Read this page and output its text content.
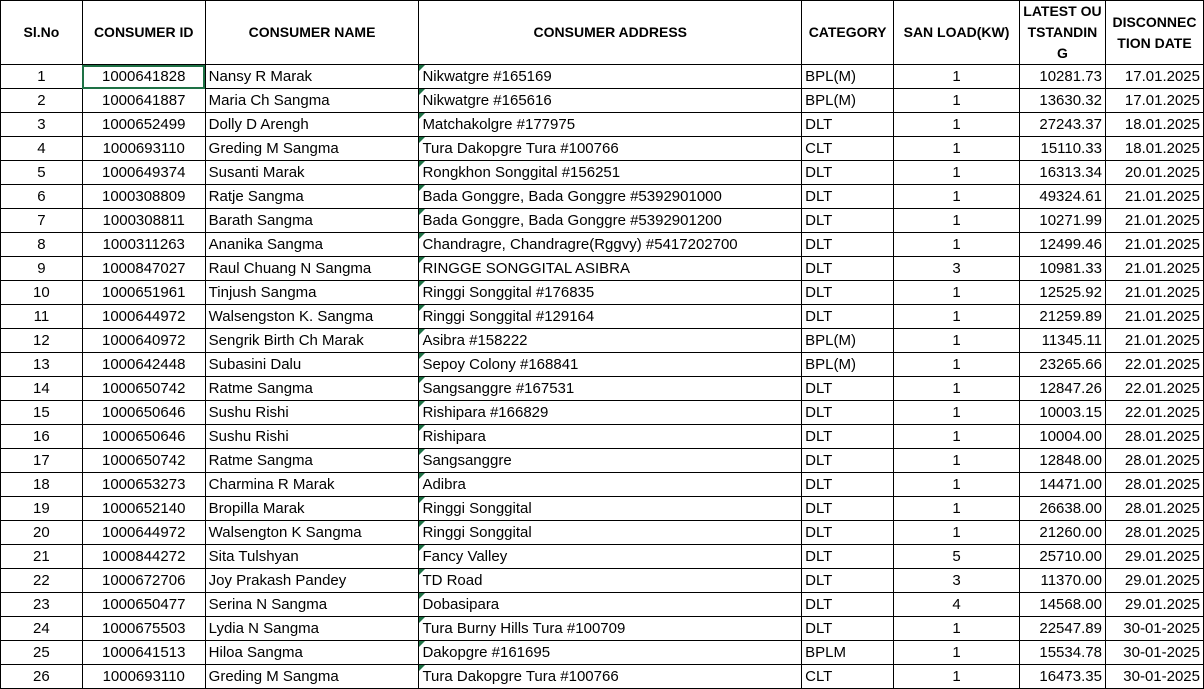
Sl.No	CONSUMER ID	CONSUMER NAME	CONSUMER ADDRESS	CATEGORY	SAN LOAD(KW)	LATEST OUTSTANDING	DISCONNECTION DATE
1	1000641828	Nansy R Marak	Nikwatgre #165169	BPL(M)	1	10281.73	17.01.2025
2	1000641887	Maria Ch Sangma	Nikwatgre #165616	BPL(M)	1	13630.32	17.01.2025
3	1000652499	Dolly D Arengh	Matchakolgre #177975	DLT	1	27243.37	18.01.2025
4	1000693110	Greding M Sangma	Tura Dakopgre Tura #100766	CLT	1	15110.33	18.01.2025
5	1000649374	Susanti Marak	Rongkhon Songgital #156251	DLT	1	16313.34	20.01.2025
6	1000308809	Ratje Sangma	Bada Gonggre, Bada Gonggre #5392901000	DLT	1	49324.61	21.01.2025
7	1000308811	Barath Sangma	Bada Gonggre, Bada Gonggre #5392901200	DLT	1	10271.99	21.01.2025
8	1000311263	Ananika Sangma	Chandragre, Chandragre(Rggvy) #5417202700	DLT	1	12499.46	21.01.2025
9	1000847027	Raul Chuang N Sangma	RINGGE SONGGITAL ASIBRA	DLT	3	10981.33	21.01.2025
10	1000651961	Tinjush Sangma	Ringgi Songgital #176835	DLT	1	12525.92	21.01.2025
11	1000644972	Walsengston K. Sangma	Ringgi Songgital #129164	DLT	1	21259.89	21.01.2025
12	1000640972	Sengrik Birth Ch Marak	Asibra #158222	BPL(M)	1	11345.11	21.01.2025
13	1000642448	Subasini Dalu	Sepoy Colony #168841	BPL(M)	1	23265.66	22.01.2025
14	1000650742	Ratme Sangma	Sangsanggre #167531	DLT	1	12847.26	22.01.2025
15	1000650646	Sushu Rishi	Rishipara #166829	DLT	1	10003.15	22.01.2025
16	1000650646	Sushu Rishi	Rishipara	DLT	1	10004.00	28.01.2025
17	1000650742	Ratme Sangma	Sangsanggre	DLT	1	12848.00	28.01.2025
18	1000653273	Charmina R Marak	Adibra	DLT	1	14471.00	28.01.2025
19	1000652140	Bropilla Marak	Ringgi Songgital	DLT	1	26638.00	28.01.2025
20	1000644972	Walsengton K Sangma	Ringgi Songgital	DLT	1	21260.00	28.01.2025
21	1000844272	Sita Tulshyan	Fancy Valley	DLT	5	25710.00	29.01.2025
22	1000672706	Joy Prakash Pandey	TD Road	DLT	3	11370.00	29.01.2025
23	1000650477	Serina N Sangma	Dobasipara	DLT	4	14568.00	29.01.2025
24	1000675503	Lydia N Sangma	Tura Burny Hills Tura #100709	DLT	1	22547.89	30-01-2025
25	1000641513	Hiloa Sangma	Dakopgre #161695	BPLM	1	15534.78	30-01-2025
26	1000693110	Greding M Sangma	Tura Dakopgre Tura #100766	CLT	1	16473.35	30-01-2025
